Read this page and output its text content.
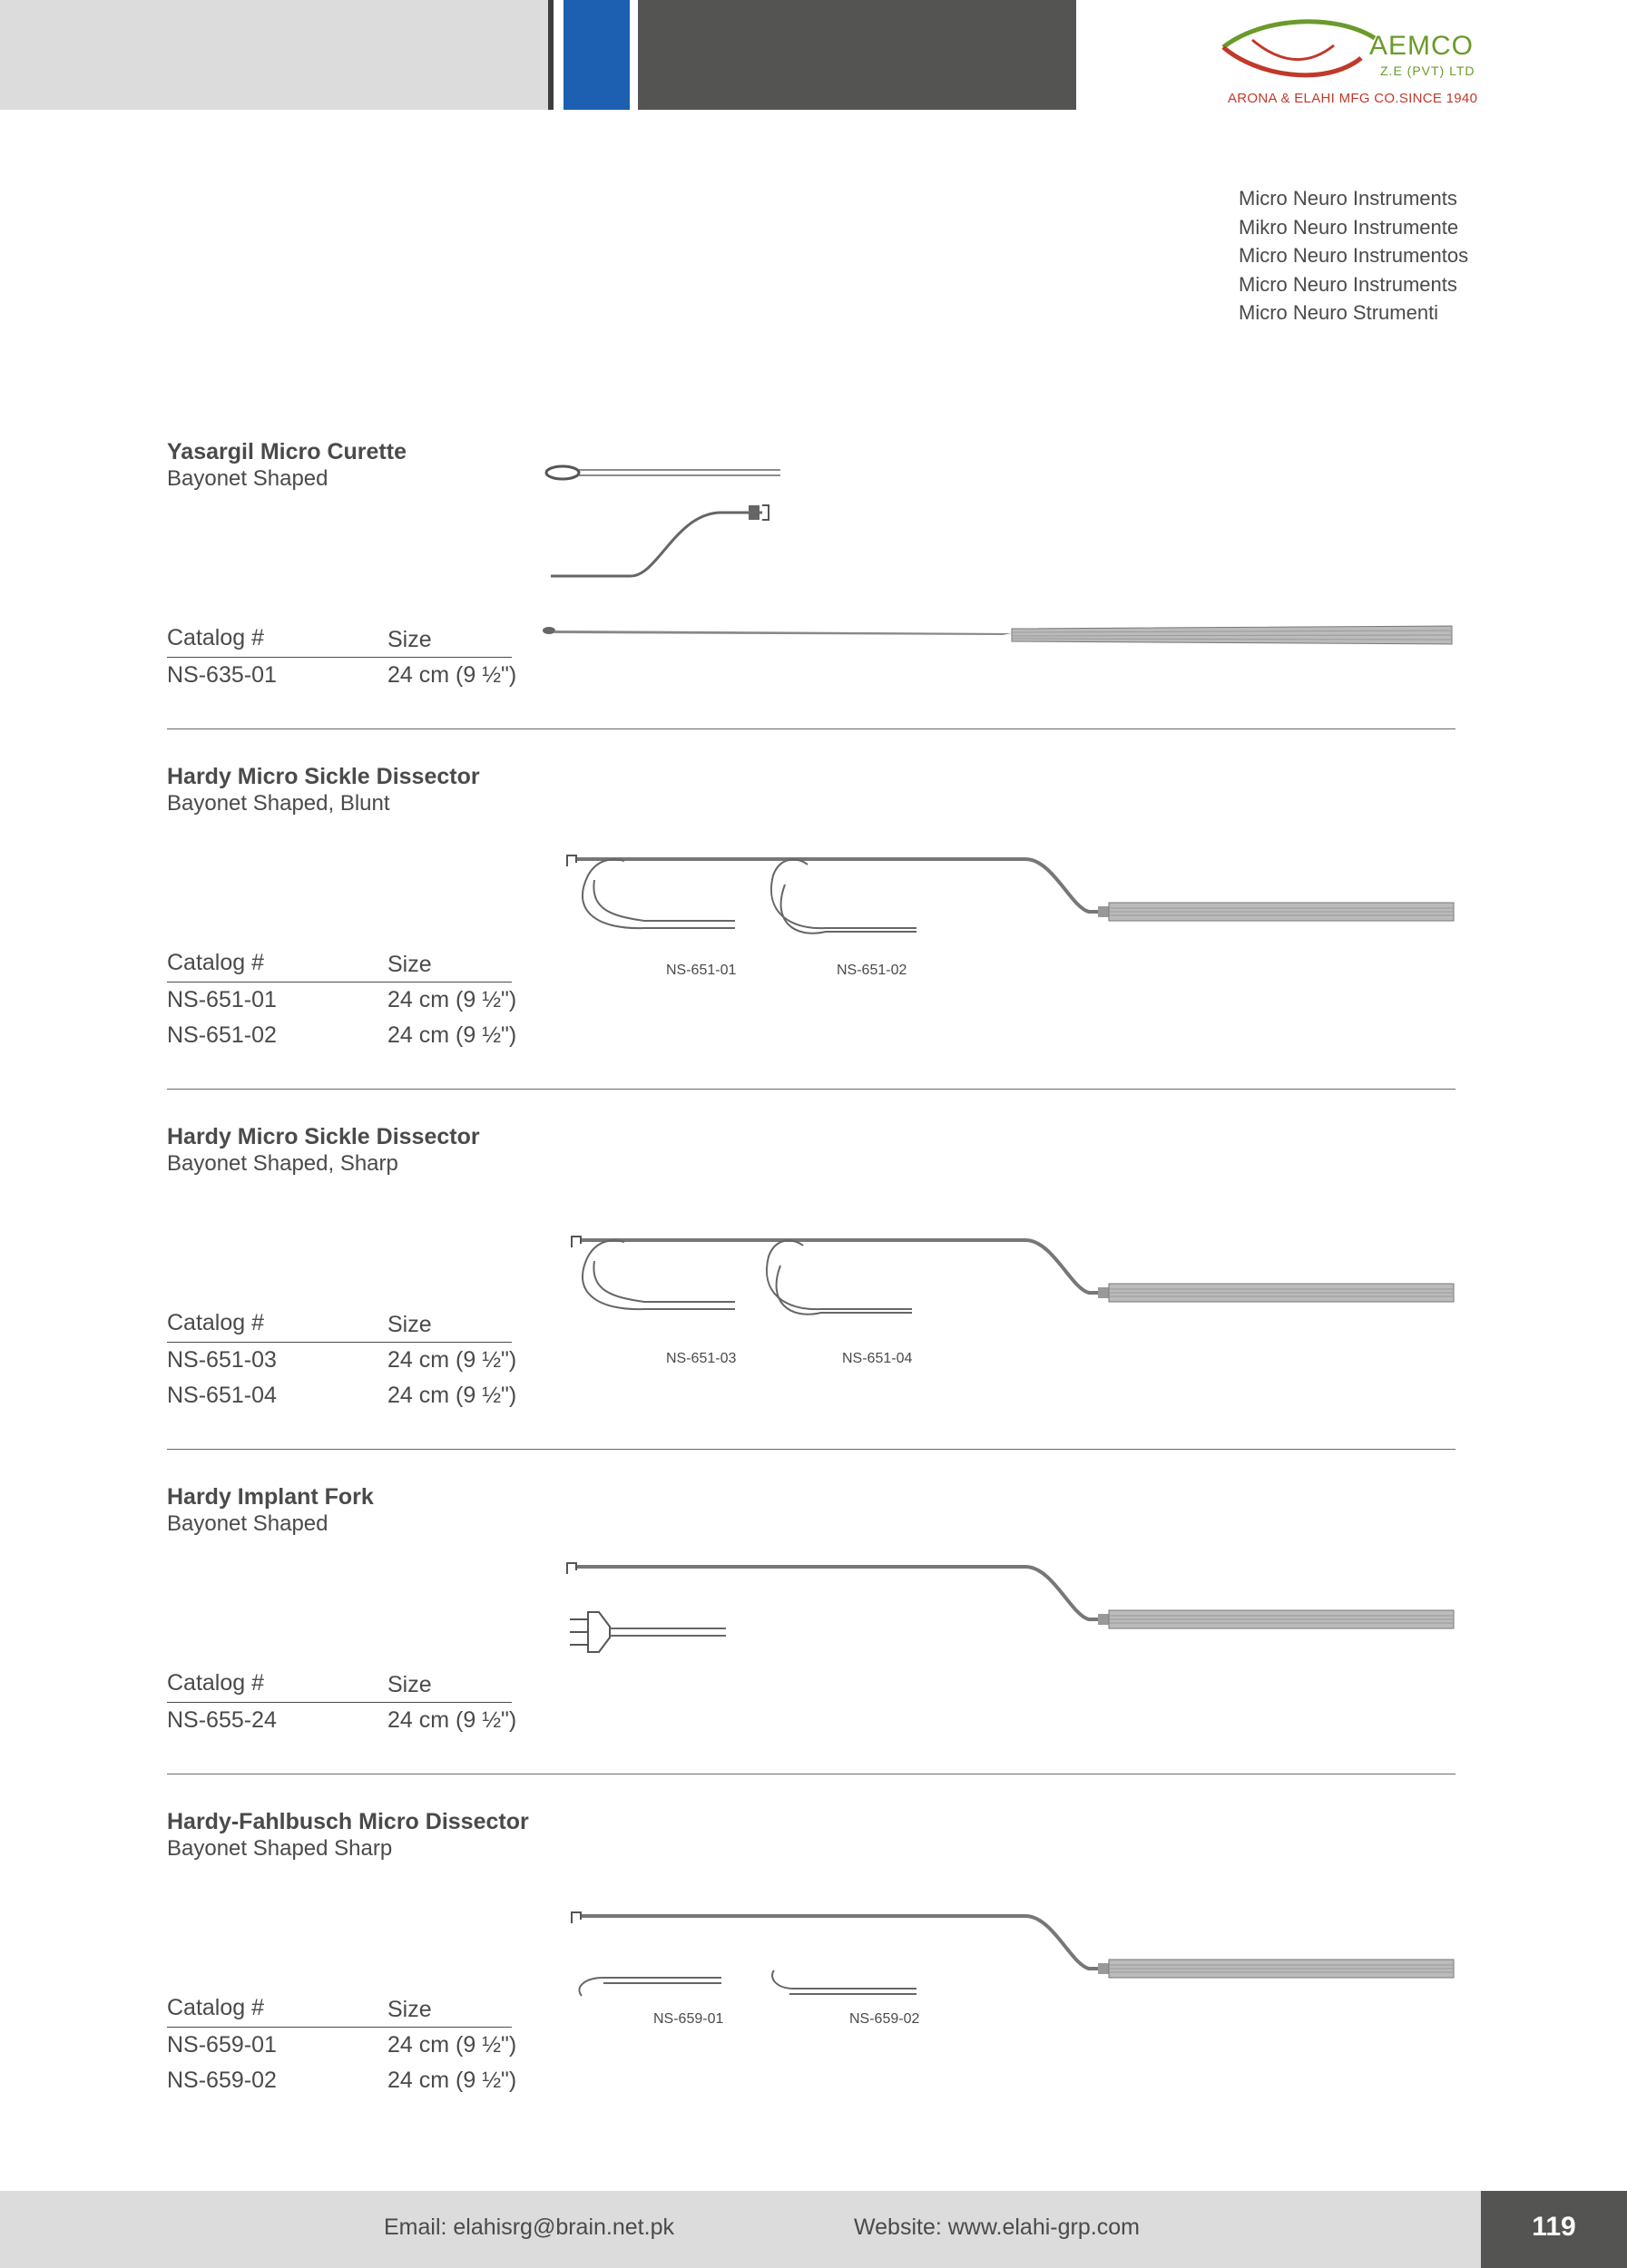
AEMCO
Z.E (PVT) LTD
ARONA & ELAHI MFG CO.SINCE 1940
Micro Neuro Instruments
Mikro Neuro Instrumente
Micro Neuro Instrumentos
Micro Neuro Instruments
Micro Neuro Strumenti
Yasargil Micro Curette
Bayonet Shaped
Catalog #	Size
NS-635-01	24 cm (9 ½")
Hardy Micro Sickle Dissector
Bayonet Shaped, Blunt
Catalog #	Size
NS-651-01	24 cm (9 ½")
NS-651-02	24 cm (9 ½")
NS-651-01	NS-651-02
Hardy Micro Sickle Dissector
Bayonet Shaped, Sharp
Catalog #	Size
NS-651-03	24 cm (9 ½")
NS-651-04	24 cm (9 ½")
NS-651-03	NS-651-04
Hardy Implant Fork
Bayonet Shaped
Catalog #	Size
NS-655-24	24 cm (9 ½")
Hardy-Fahlbusch Micro Dissector
Bayonet Shaped Sharp
Catalog #	Size
NS-659-01	24 cm (9 ½")
NS-659-02	24 cm (9 ½")
NS-659-01	NS-659-02
Email: elahisrg@brain.net.pk	Website: www.elahi-grp.com	119
